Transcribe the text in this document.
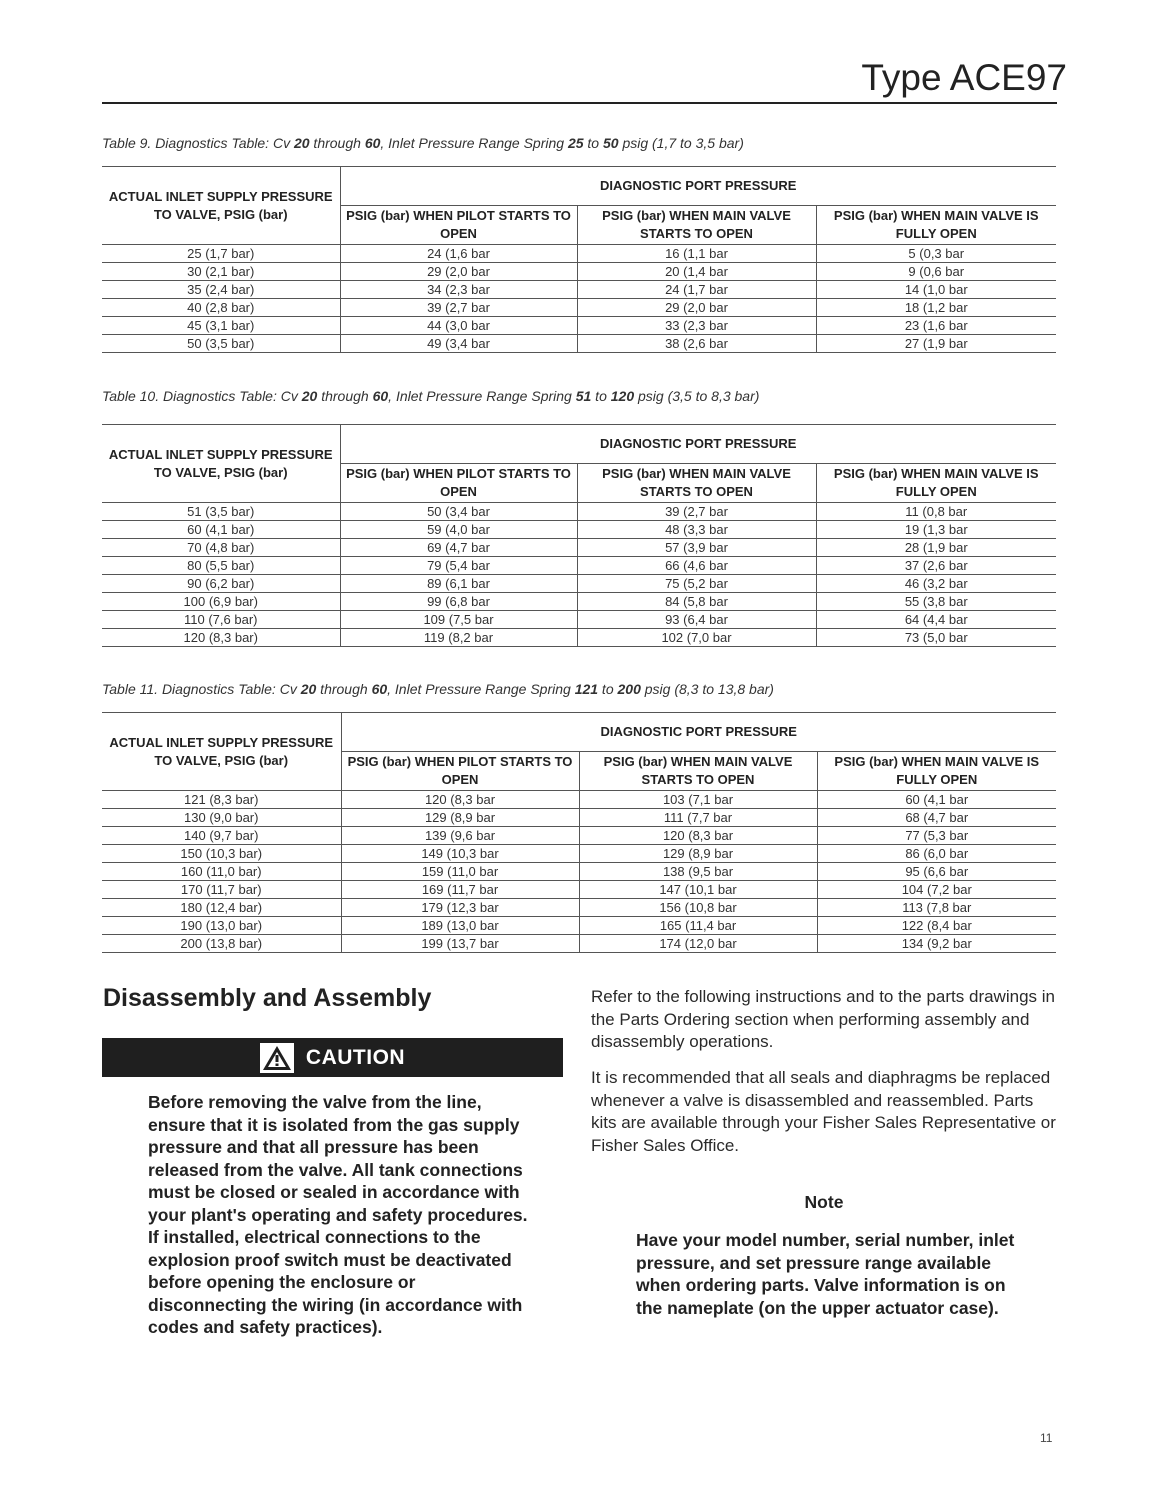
Type ACE97
Table 9. Diagnostics Table: Cv 20 through 60, Inlet Pressure Range Spring 25 to 50 psig (1,7 to 3,5 bar)
ACTUAL INLET SUPPLY PRESSURE TO VALVE, PSIG (bar)	DIAGNOSTIC PORT PRESSURE		
	PSIG (bar) WHEN PILOT STARTS TO OPEN	PSIG (bar) WHEN MAIN VALVE STARTS TO OPEN	PSIG (bar) WHEN MAIN VALVE IS FULLY OPEN
25 (1,7 bar)	24 (1,6 bar	16 (1,1 bar	5 (0,3 bar
30 (2,1 bar)	29 (2,0 bar	20 (1,4 bar	9 (0,6 bar
35 (2,4 bar)	34 (2,3 bar	24 (1,7 bar	14 (1,0 bar
40 (2,8 bar)	39 (2,7 bar	29 (2,0 bar	18 (1,2 bar
45 (3,1 bar)	44 (3,0 bar	33 (2,3 bar	23 (1,6 bar
50 (3,5 bar)	49 (3,4 bar	38 (2,6 bar	27 (1,9 bar
Table 10. Diagnostics Table: Cv 20 through 60, Inlet Pressure Range Spring 51 to 120 psig (3,5 to 8,3 bar)
ACTUAL INLET SUPPLY PRESSURE TO VALVE, PSIG (bar)	DIAGNOSTIC PORT PRESSURE		
	PSIG (bar) WHEN PILOT STARTS TO OPEN	PSIG (bar) WHEN MAIN VALVE STARTS TO OPEN	PSIG (bar) WHEN MAIN VALVE IS FULLY OPEN
51 (3,5 bar)	50 (3,4 bar	39 (2,7 bar	11 (0,8 bar
60 (4,1 bar)	59 (4,0 bar	48 (3,3 bar	19 (1,3 bar
70 (4,8 bar)	69 (4,7 bar	57 (3,9 bar	28 (1,9 bar
80 (5,5 bar)	79 (5,4 bar	66 (4,6 bar	37 (2,6 bar
90 (6,2 bar)	89 (6,1 bar	75 (5,2 bar	46 (3,2 bar
100 (6,9 bar)	99 (6,8 bar	84 (5,8 bar	55 (3,8 bar
110 (7,6 bar)	109 (7,5 bar	93 (6,4 bar	64 (4,4 bar
120 (8,3 bar)	119 (8,2 bar	102 (7,0 bar	73 (5,0 bar
Table 11. Diagnostics Table: Cv 20 through 60, Inlet Pressure Range Spring 121 to 200 psig (8,3 to 13,8 bar)
ACTUAL INLET SUPPLY PRESSURE TO VALVE, PSIG (bar)	DIAGNOSTIC PORT PRESSURE		
	PSIG (bar) WHEN PILOT STARTS TO OPEN	PSIG (bar) WHEN MAIN VALVE STARTS TO OPEN	PSIG (bar) WHEN MAIN VALVE IS FULLY OPEN
121 (8,3 bar)	120 (8,3 bar	103 (7,1 bar	60 (4,1 bar
130 (9,0 bar)	129 (8,9 bar	111 (7,7 bar	68 (4,7 bar
140 (9,7 bar)	139 (9,6 bar	120 (8,3 bar	77 (5,3 bar
150 (10,3 bar)	149 (10,3 bar	129 (8,9 bar	86 (6,0 bar
160 (11,0 bar)	159 (11,0 bar	138 (9,5 bar	95 (6,6 bar
170 (11,7 bar)	169 (11,7 bar	147 (10,1 bar	104 (7,2 bar
180 (12,4 bar)	179 (12,3 bar	156 (10,8 bar	113 (7,8 bar
190 (13,0 bar)	189 (13,0 bar	165 (11,4 bar	122 (8,4 bar
200 (13,8 bar)	199 (13,7 bar	174 (12,0 bar	134 (9,2 bar
Disassembly and Assembly
CAUTION
Before removing the valve from the line, ensure that it is isolated from the gas supply pressure and that all pressure has been released from the valve. All tank connections must be closed or sealed in accordance with your plant's operating and safety procedures. If installed, electrical connections to the explosion proof switch must be deactivated before opening the enclosure or disconnecting the wiring (in accordance with codes and safety practices).
Refer to the following instructions and to the parts drawings in the Parts Ordering section when performing assembly and disassembly operations.
It is recommended that all seals and diaphragms be replaced whenever a valve is disassembled and reassembled. Parts kits are available through your Fisher Sales Representative or Fisher Sales Office.
Note
Have your model number, serial number, inlet pressure, and set pressure range available when ordering parts. Valve information is on the nameplate (on the upper actuator case).
11
